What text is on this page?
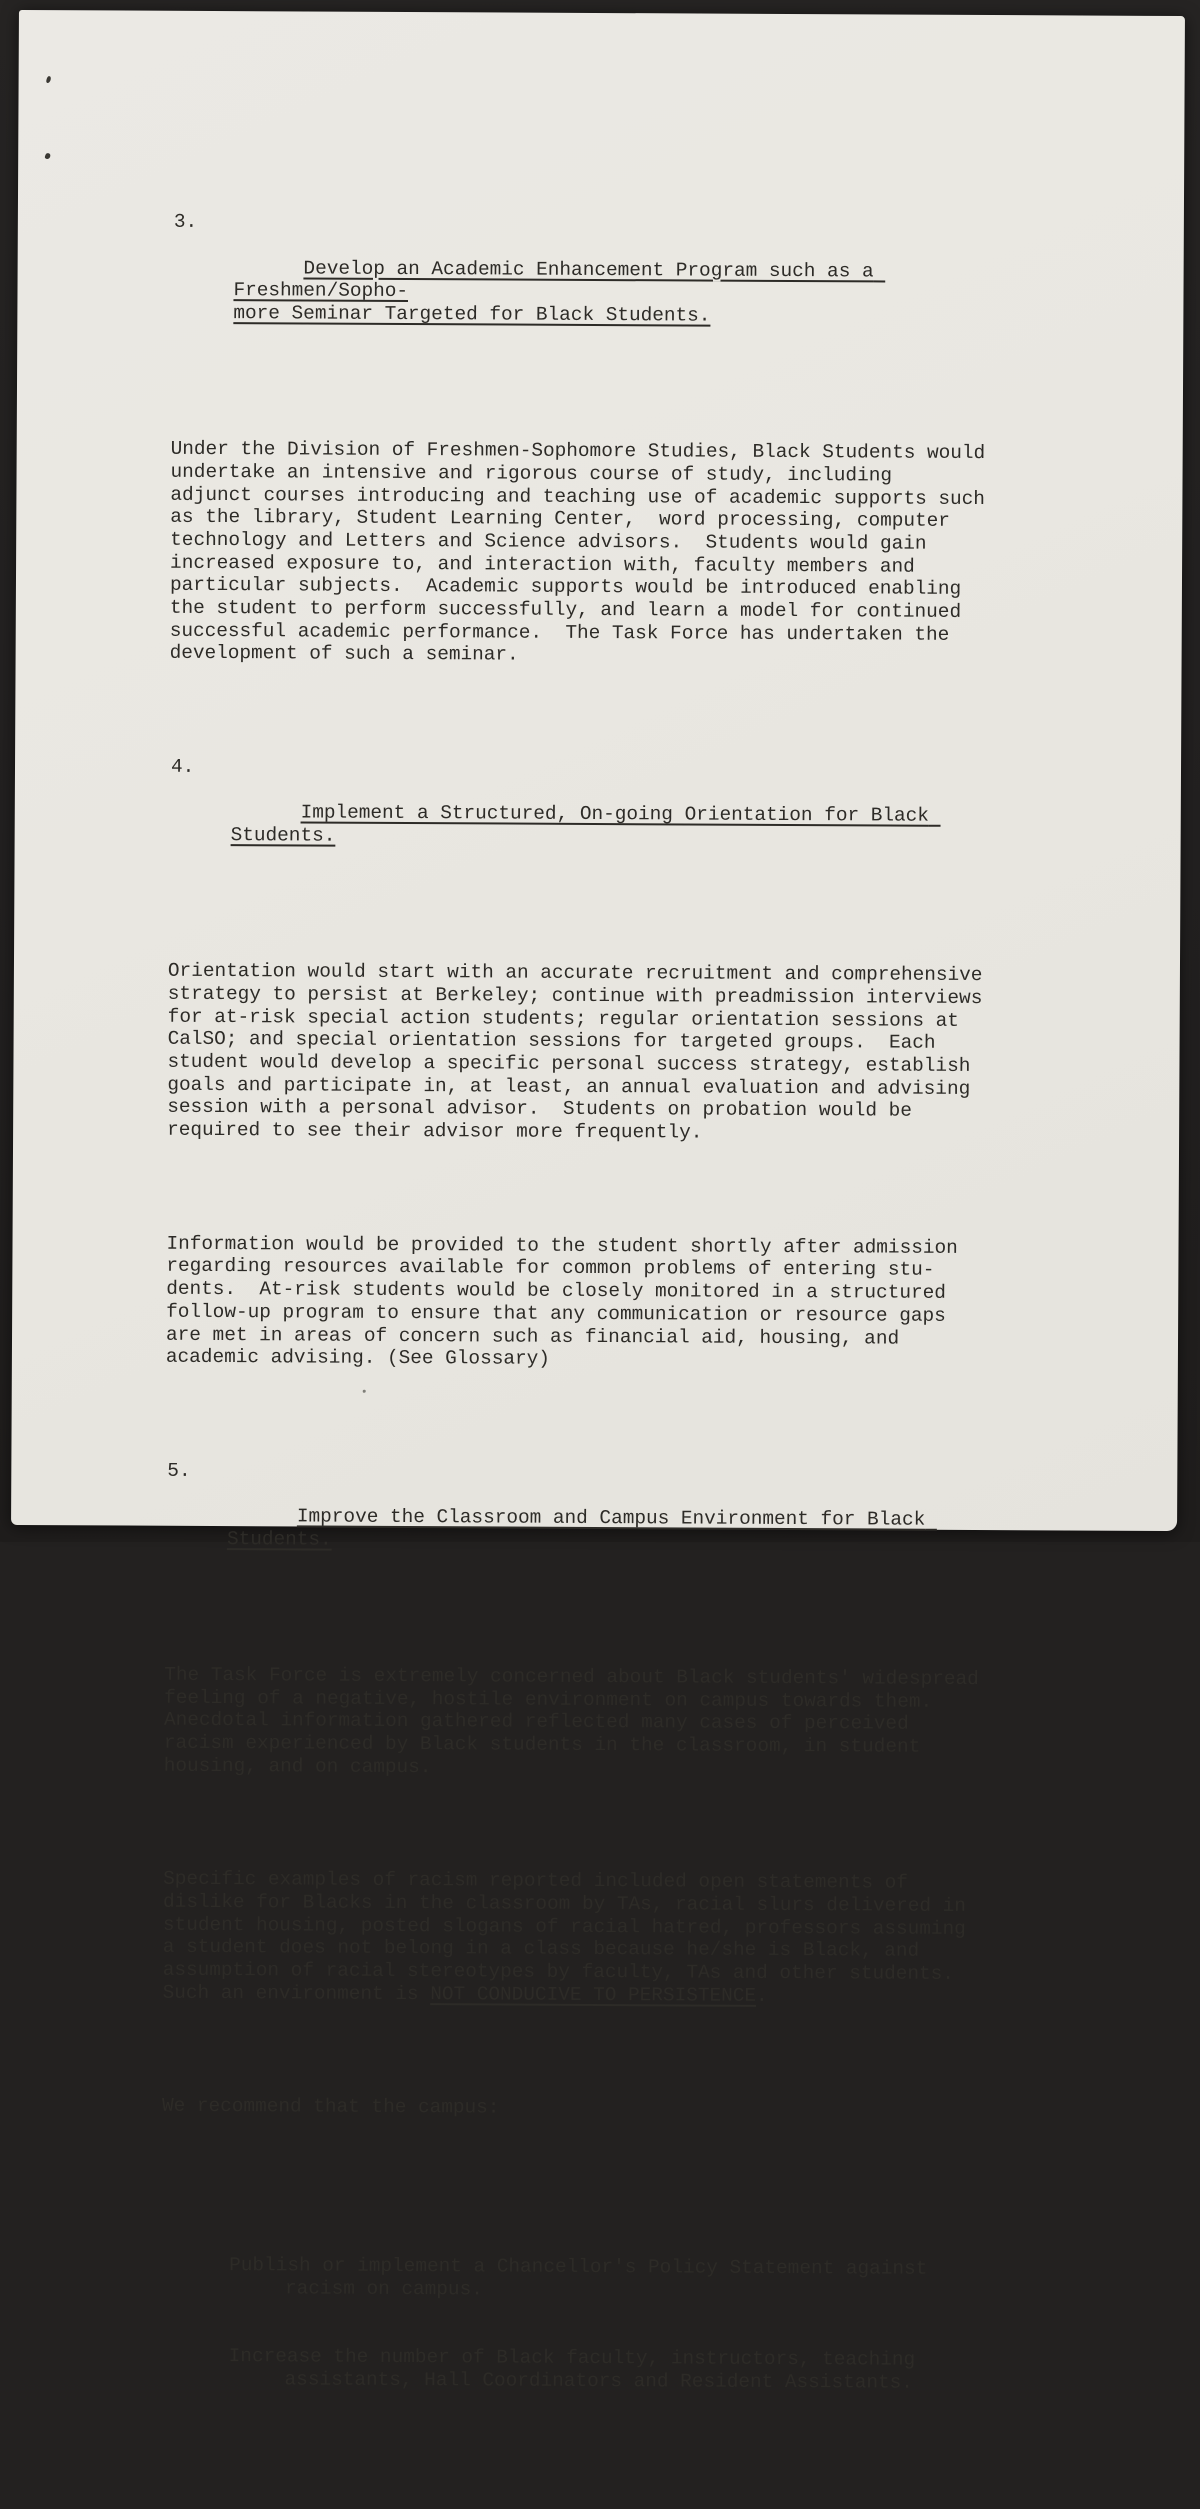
3.

Develop an Academic Enhancement Program such as a Freshmen/Sopho-
more Seminar Targeted for Black Students.

Under the Division of Freshmen-Sophomore Studies, Black Students would
undertake an intensive and rigorous course of study, including
adjunct courses introducing and teaching use of academic supports such
as the library, Student Learning Center,  word processing, computer
technology and Letters and Science advisors.  Students would gain
increased exposure to, and interaction with, faculty members and
particular subjects.  Academic supports would be introduced enabling
the student to perform successfully, and learn a model for continued
successful academic performance.  The Task Force has undertaken the
development of such a seminar.

4.

Implement a Structured, On-going Orientation for Black Students.

Orientation would start with an accurate recruitment and comprehensive
strategy to persist at Berkeley; continue with preadmission interviews
for at-risk special action students; regular orientation sessions at
CalSO; and special orientation sessions for targeted groups.  Each
student would develop a specific personal success strategy, establish
goals and participate in, at least, an annual evaluation and advising
session with a personal advisor.  Students on probation would be
required to see their advisor more frequently.

Information would be provided to the student shortly after admission
regarding resources available for common problems of entering stu-
dents.  At-risk students would be closely monitored in a structured
follow-up program to ensure that any communication or resource gaps
are met in areas of concern such as financial aid, housing, and
academic advising. (See Glossary)

5.

Improve the Classroom and Campus Environment for Black Students.

The Task Force is extremely concerned about Black students' widespread
feeling of a negative, hostile environment on campus towards them.
Anecdotal information gathered reflected many cases of perceived
racism experienced by Black students in the classroom, in student
housing, and on campus.

Specific examples of racism reported included open statements of
dislike for Blacks in the classroom by TAs, racial slurs delivered in
student housing, posted slogans of racial hatred, professors assuming
a student does not belong in a class because he/she is Black, and
assumption of racial stereotypes by faculty, TAs and other students.
Such an environment is NOT CONDUCIVE TO PERSISTENCE.

We recommend that the campus:

Publish or implement a Chancellor's Policy Statement against
racism on campus.

Increase the number of Black faculty, instructors, teaching
assistants, Hall Coordinators and Resident Assistants.
